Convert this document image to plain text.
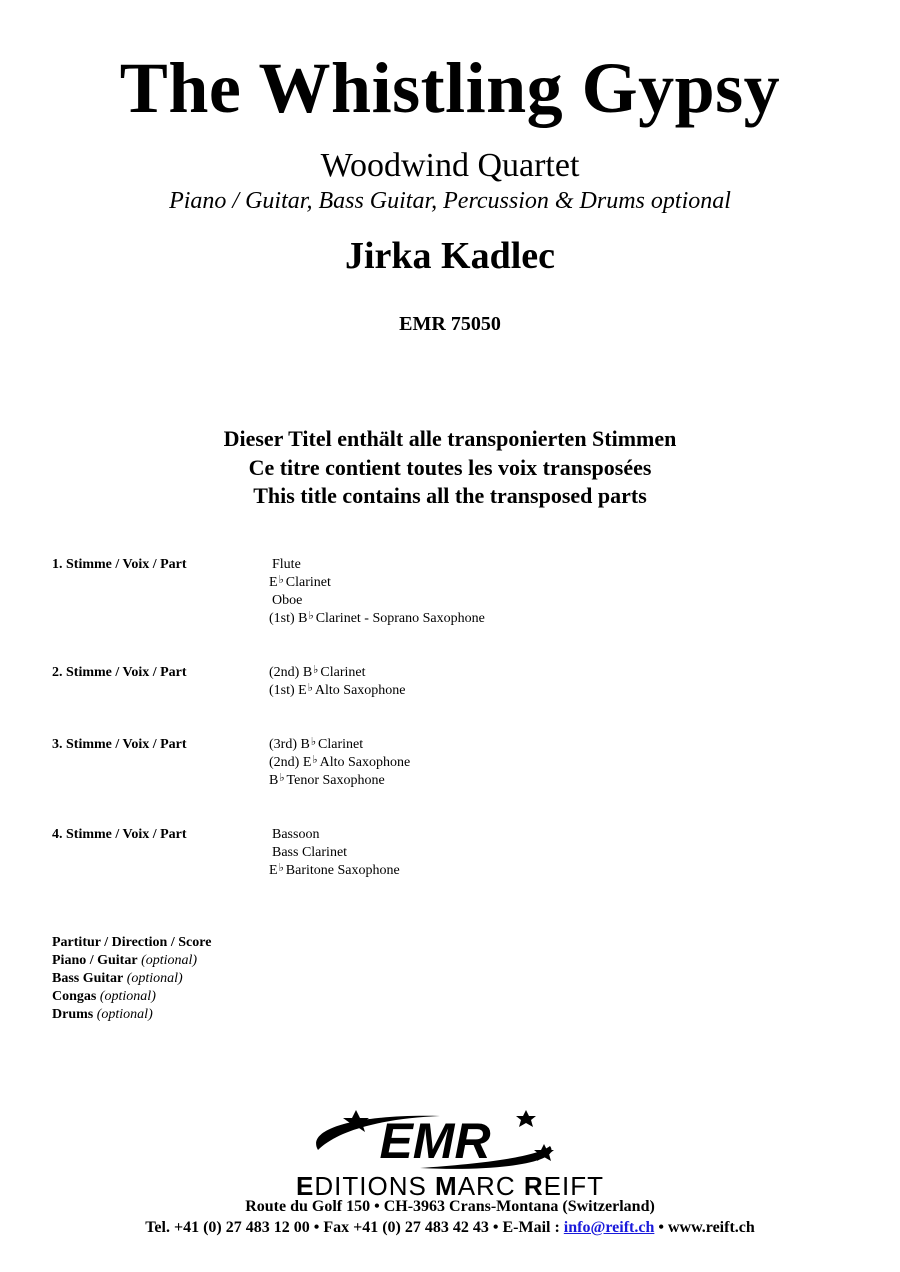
The Whistling Gypsy
Woodwind Quartet
Piano / Guitar, Bass Guitar, Percussion & Drums optional
Jirka Kadlec
EMR 75050
Dieser Titel enthält alle transponierten Stimmen
Ce titre contient toutes les voix transposées
This title contains all the transposed parts
1. Stimme / Voix / Part	Flute
E♭ Clarinet
Oboe
(1st) B♭ Clarinet - Soprano Saxophone
2. Stimme / Voix / Part	(2nd) B♭ Clarinet
(1st) E♭ Alto Saxophone
3. Stimme / Voix / Part	(3rd) B♭ Clarinet
(2nd) E♭ Alto Saxophone
B♭ Tenor Saxophone
4. Stimme / Voix / Part	Bassoon
Bass Clarinet
E♭ Baritone Saxophone
Partitur / Direction / Score
Piano / Guitar (optional)
Bass Guitar (optional)
Congas (optional)
Drums (optional)
EMR
EDITIONS MARC REIFT
Route du Golf 150 • CH-3963 Crans-Montana (Switzerland)
Tel. +41 (0) 27 483 12 00 • Fax +41 (0) 27 483 42 43 • E-Mail : info@reift.ch • www.reift.ch
